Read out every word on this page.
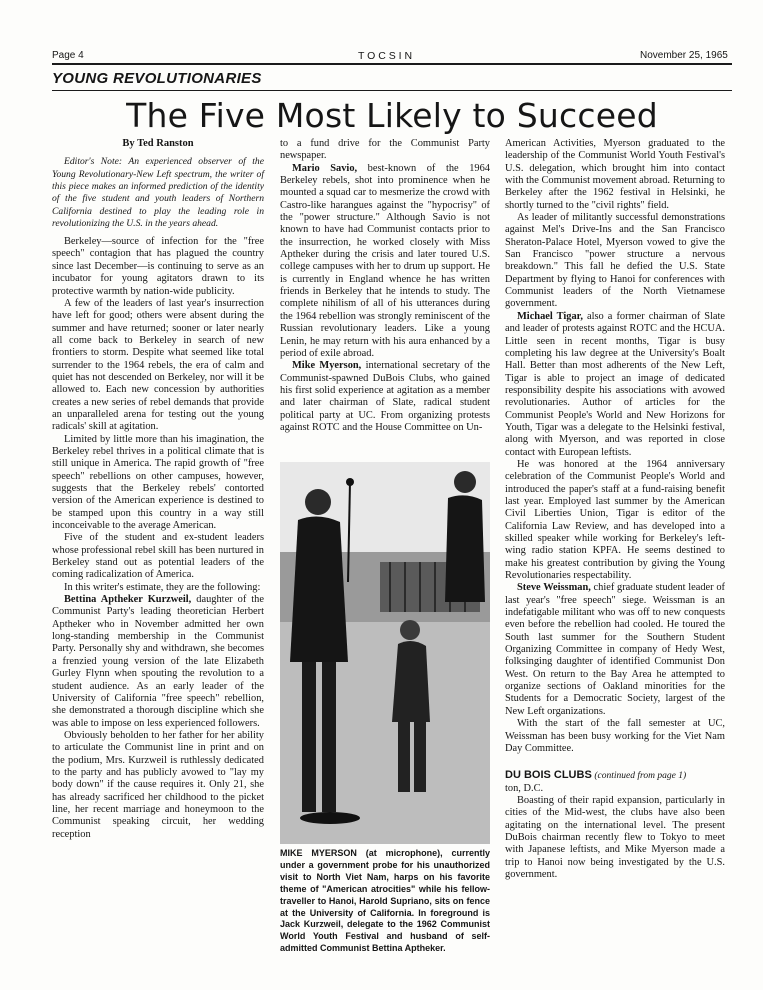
Page 4	T O C S I N	November 25, 1965
YOUNG REVOLUTIONARIES
The Five Most Likely to Succeed
By Ted Ranston

Editor's Note: An experienced observer of the Young Revolutionary-New Left spectrum, the writer of this piece makes an informed prediction of the identity of the five student and youth leaders of Northern California destined to play the leading role in revolutionizing the U.S. in the years ahead.

Berkeley—source of infection for the "free speech" contagion that has plagued the country since last December—is continuing to serve as an incubator for young agitators drawn to its protective warmth by nation-wide publicity.

A few of the leaders of last year's insurrection have left for good; others were absent during the summer and have returned; sooner or later nearly all come back to Berkeley in search of new frontiers to storm. Despite what seemed like total surrender to the 1964 rebels, the era of calm and quiet has not descended on Berkeley, nor will it be allowed to. Each new concession by authorities creates a new series of rebel demands that provide an unparalleled arena for testing out the young radicals' skill at agitation.

Limited by little more than his imagination, the Berkeley rebel thrives in a political climate that is still unique in America. The rapid growth of "free speech" rebellions on other campuses, however, suggests that the Berkeley rebels' contorted version of the American experience is destined to be stamped upon this country in a way still inconceivable to the average American.

Five of the student and ex-student leaders whose professional rebel skill has been nurtured in Berkeley stand out as potential leaders of the coming radicalization of America.

In this writer's estimate, they are the following:

Bettina Aptheker Kurzweil, daughter of the Communist Party's leading theoretician Herbert Aptheker who in November admitted her own long-standing membership in the Communist Party. Personally shy and withdrawn, she becomes a frenzied young version of the late Elizabeth Gurley Flynn when spouting the revolution to a student audience. As an early leader of the University of California "free speech" rebellion, she demonstrated a thorough discipline which she was able to impose on less experienced followers.

Obviously beholden to her father for her ability to articulate the Communist line in print and on the podium, Mrs. Kurzweil is ruthlessly dedicated to the party and has publicly avowed to "lay my body down" if the cause requires it. Only 21, she has already sacrificed her childhood to the picket line, her recent marriage and honeymoon to the Communist speaking circuit, her wedding reception

to a fund drive for the Communist Party newspaper.

Mario Savio, best-known of the 1964 Berkeley rebels, shot into prominence when he mounted a squad car to mesmerize the crowd with Castro-like harangues against the "hypocrisy" of the "power structure." Although Savio is not known to have had Communist contacts prior to the insurrection, he worked closely with Miss Aptheker during the crisis and later toured U.S. college campuses with her to drum up support. He is currently in England whence he has written friends in Berkeley that he intends to study. The complete nihilism of all of his utterances during the 1964 rebellion was strongly reminiscent of the Russian revolutionary leaders. Like a young Lenin, he may return with his aura enhanced by a period of exile abroad.

Mike Myerson, international secretary of the Communist-spawned DuBois Clubs, who gained his first solid experience at agitation as a member and later chairman of Slate, radical student political party at UC. From organizing protests against ROTC and the House Committee on Un-

MIKE MYERSON (at microphone), currently under a government probe for his unauthorized visit to North Viet Nam, harps on his favorite theme of "American atrocities" while his fellow-traveller to Hanoi, Harold Supriano, sits on fence at the University of California. In foreground is Jack Kurzweil, delegate to the 1962 Communist World Youth Festival and husband of self-admitted Communist Bettina Aptheker.

American Activities, Myerson graduated to the leadership of the Communist World Youth Festival's U.S. delegation, which brought him into contact with the Communist movement abroad. Returning to Berkeley after the 1962 festival in Helsinki, he shortly turned to the "civil rights" field.

As leader of militantly successful demonstrations against Mel's Drive-Ins and the San Francisco Sheraton-Palace Hotel, Myerson vowed to give the San Francisco "power structure a nervous breakdown." This fall he defied the U.S. State Department by flying to Hanoi for conferences with Communist leaders of the North Vietnamese government.

Michael Tigar, also a former chairman of Slate and leader of protests against ROTC and the HCUA. Little seen in recent months, Tigar is busy completing his law degree at the University's Boalt Hall. Better than most adherents of the New Left, Tigar is able to project an image of dedicated responsibility despite his associations with avowed revolutionaries. Author of articles for the Communist People's World and New Horizons for Youth, Tigar was a delegate to the Helsinki festival, along with Myerson, and was reported in close contact with European leftists.

He was honored at the 1964 anniversary celebration of the Communist People's World and introduced the paper's staff at a fund-raising benefit last year. Employed last summer by the American Civil Liberties Union, Tigar is editor of the California Law Review, and has developed into a skilled speaker while working for Berkeley's left-wing radio station KPFA. He seems destined to make his greatest contribution by giving the Young Revolutionaries respectability.

Steve Weissman, chief graduate student leader of last year's "free speech" siege. Weissman is an indefatigable militant who was off to new conquests even before the rebellion had cooled. He toured the South last summer for the Southern Student Organizing Committee in company of Hedy West, folksinging daughter of identified Communist Don West. On return to the Bay Area he attempted to organize sections of Oakland minorities for the Students for a Democratic Society, largest of the New Left organizations.

With the start of the fall semester at UC, Weissman has been busy working for the Viet Nam Day Committee.

DU BOIS CLUBS (continued from page 1)

ton, D.C.

Boasting of their rapid expansion, particularly in cities of the Mid-west, the clubs have also been agitating on the international level. The present DuBois chairman recently flew to Tokyo to meet with Japanese leftists, and Mike Myerson made a trip to Hanoi now being investigated by the U.S. government.
